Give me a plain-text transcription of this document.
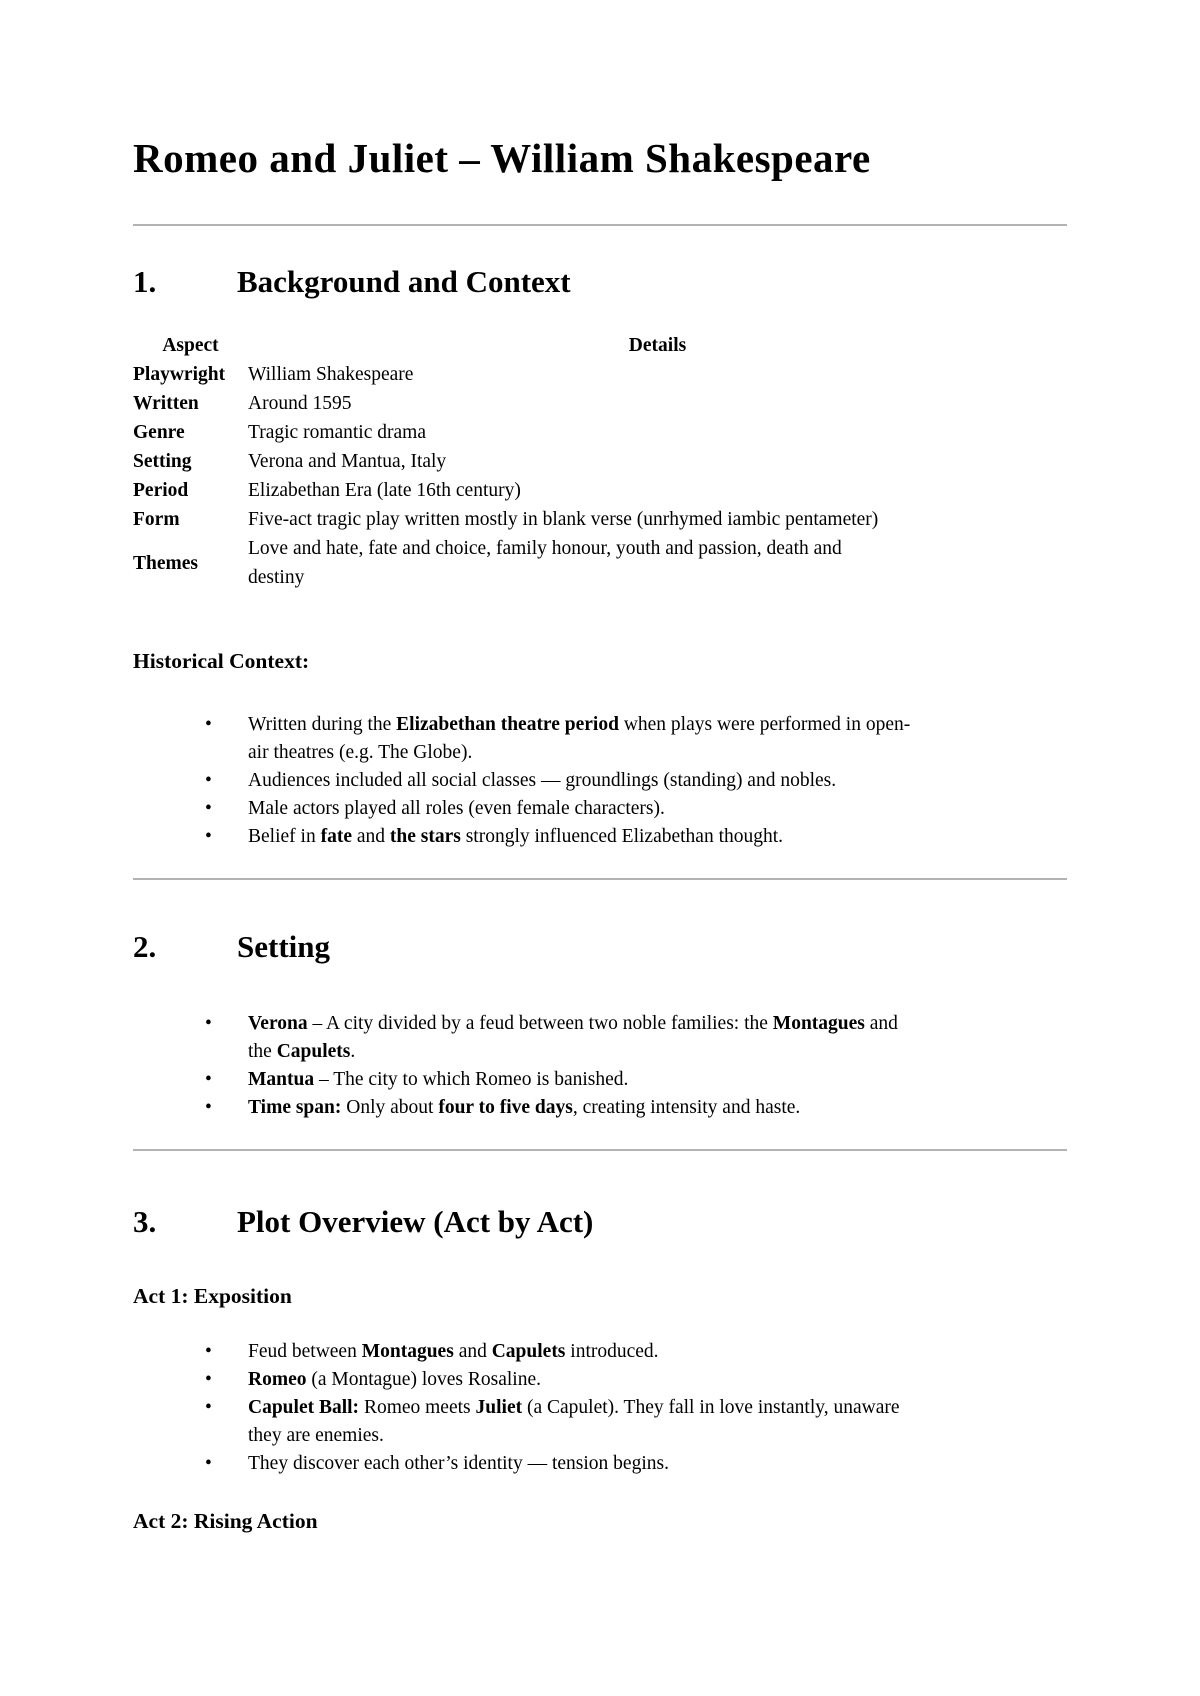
Romeo and Juliet – William Shakespeare
1.	Background and Context
Aspect	Details
Playwright	William Shakespeare
Written	Around 1595
Genre	Tragic romantic drama
Setting	Verona and Mantua, Italy
Period	Elizabethan Era (late 16th century)
Form	Five-act tragic play written mostly in blank verse (unrhymed iambic pentameter)
Themes	Love and hate, fate and choice, family honour, youth and passion, death and
destiny
Historical Context:
• Written during the Elizabethan theatre period when plays were performed in open-
air theatres (e.g. The Globe).
• Audiences included all social classes — groundlings (standing) and nobles.
• Male actors played all roles (even female characters).
• Belief in fate and the stars strongly influenced Elizabethan thought.
2.	Setting
• Verona – A city divided by a feud between two noble families: the Montagues and
the Capulets.
• Mantua – The city to which Romeo is banished.
• Time span: Only about four to five days, creating intensity and haste.
3.	Plot Overview (Act by Act)
Act 1: Exposition
• Feud between Montagues and Capulets introduced.
• Romeo (a Montague) loves Rosaline.
• Capulet Ball: Romeo meets Juliet (a Capulet). They fall in love instantly, unaware
they are enemies.
• They discover each other’s identity — tension begins.
Act 2: Rising Action
